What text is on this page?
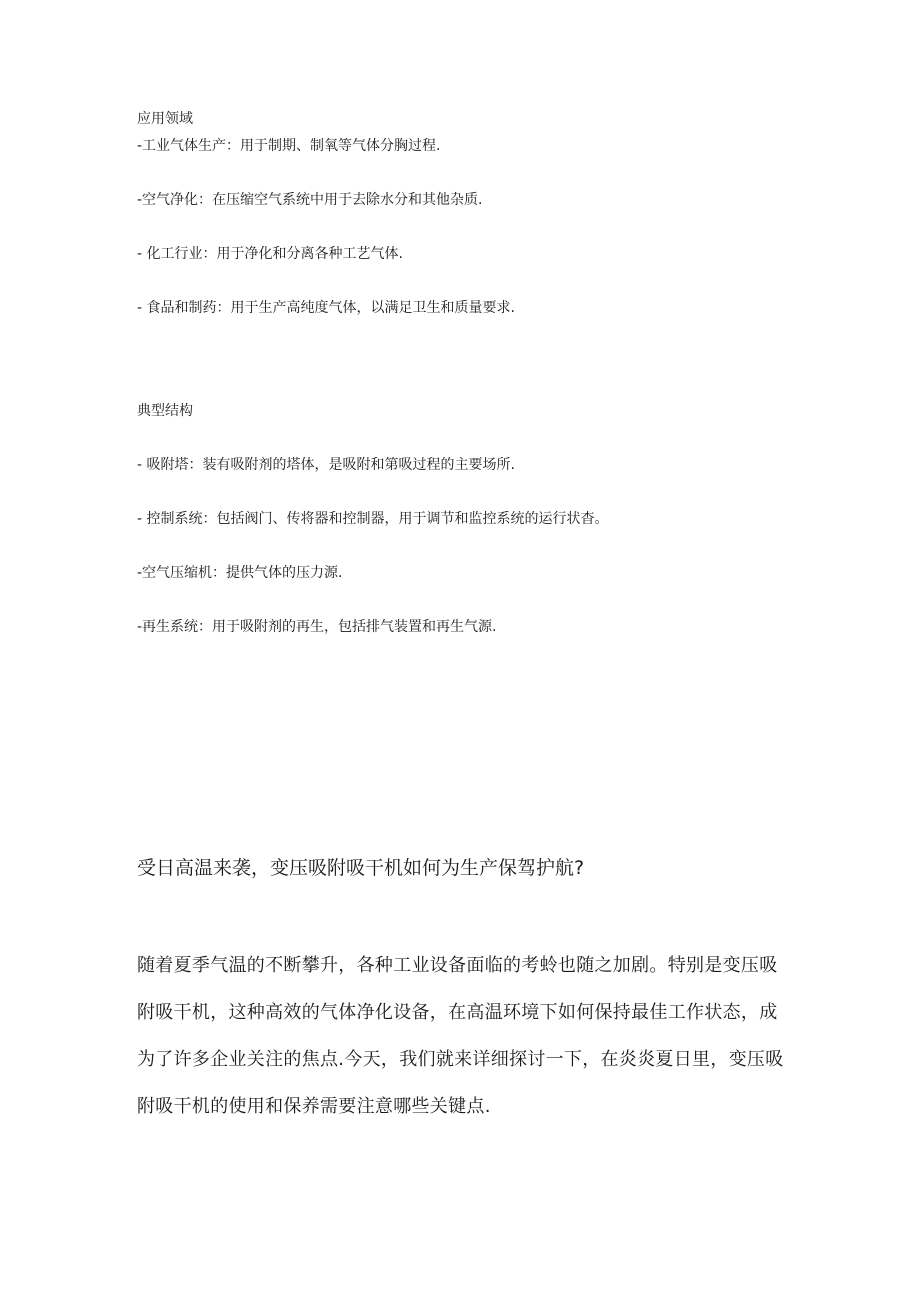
应用领域
-工业气体生产：用于制期、制氧等气体分胸过程.
-空气净化：在压缩空气系统中用于去除水分和其他杂质.
- 化工行业：用于净化和分离各种工艺气体.
- 食品和制药：用于生产高纯度气体，以满足卫生和质量要求.
典型结构
- 吸附塔：装有吸附剂的塔体，是吸附和第吸过程的主要场所.
- 控制系统：包括阀门、传将器和控制器，用于调节和监控系统的运行状杳。
-空气压缩机：提供气体的压力源.
-再生系统：用于吸附剂的再生，包括排气装置和再生气源.
受日高温来袭，变压吸附吸干机如何为生产保驾护航?
随着夏季气温的不断攀升，各种工业设备面临的考蛉也随之加剧。特别是变压吸
附吸干机，这种高效的气体净化设备，在高温环境下如何保持最佳工作状态，成
为了许多企业关注的焦点.今天，我们就来详细探讨一下，在炎炎夏日里，变压吸
附吸干机的使用和保养需要注意哪些关键点.
